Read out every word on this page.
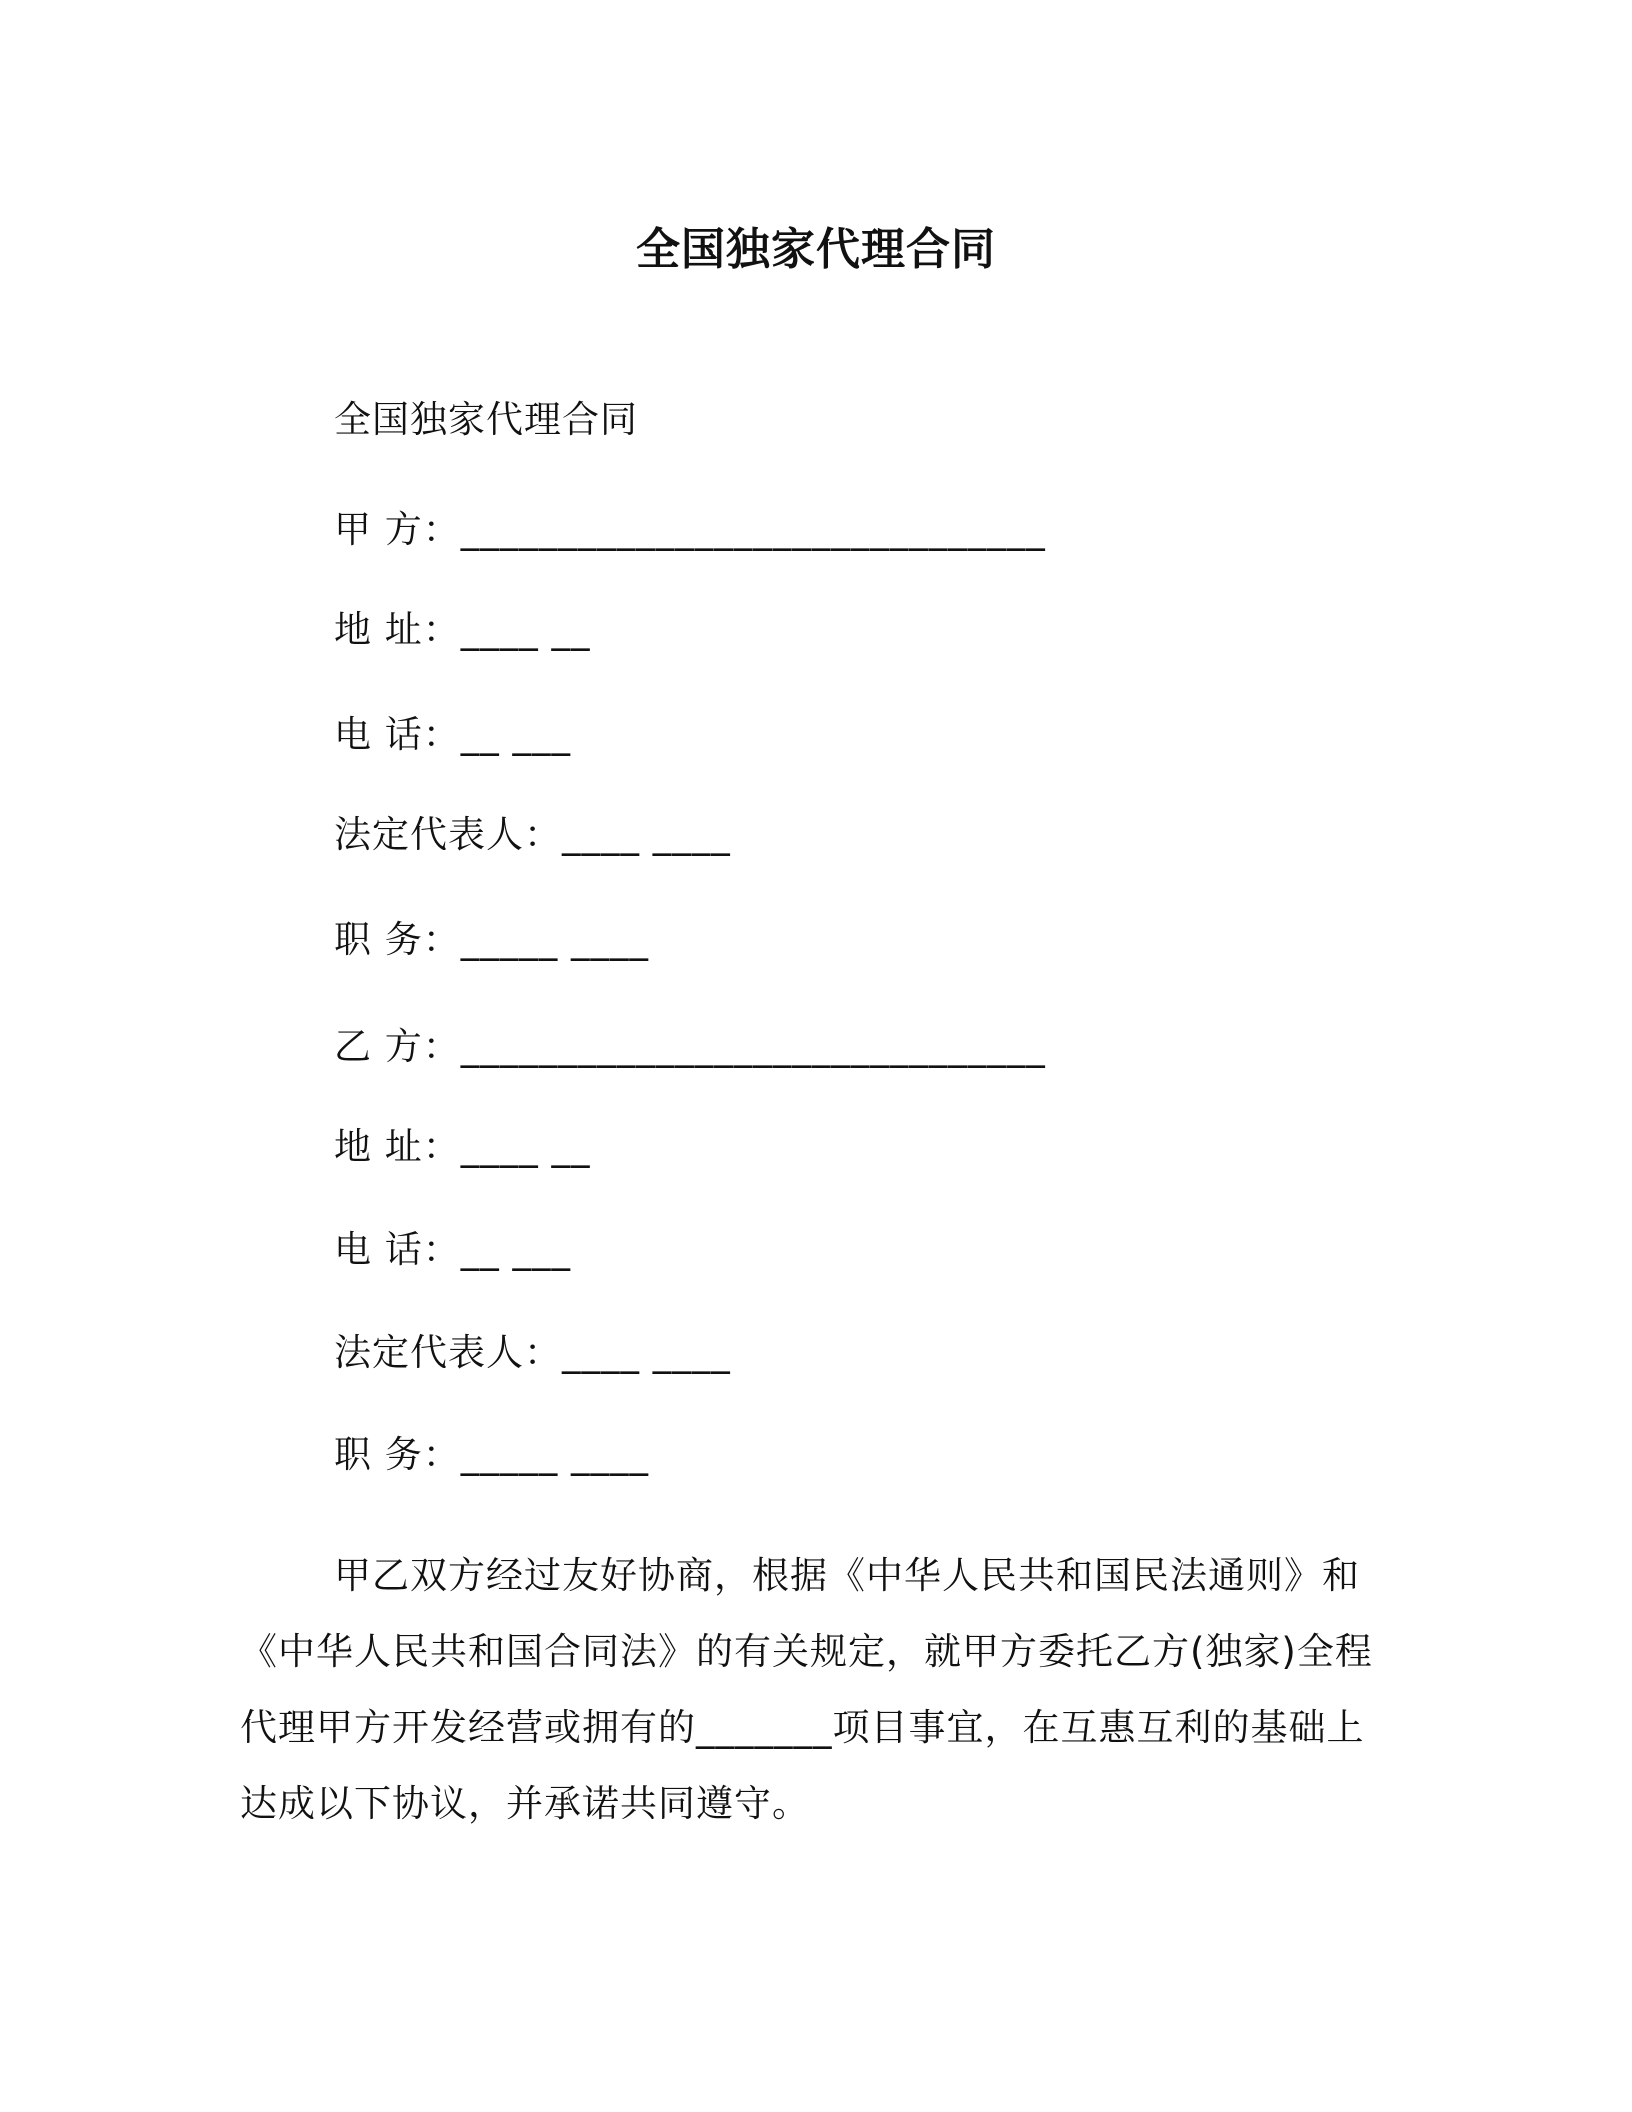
全国独家代理合同
全国独家代理合同
甲 方：______________________________
地 址：____ __
电 话：__ ___
法定代表人：____ ____
职 务：_____ ____
乙 方：______________________________
地 址：____ __
电 话：__ ___
法定代表人：____ ____
职 务：_____ ____
甲乙双方经过友好协商，根据《中华人民共和国民法通则》和《中华人民共和国合同法》的有关规定，就甲方委托乙方(独家)全程代理甲方开发经营或拥有的_______项目事宜，在互惠互利的基础上达成以下协议，并承诺共同遵守。
